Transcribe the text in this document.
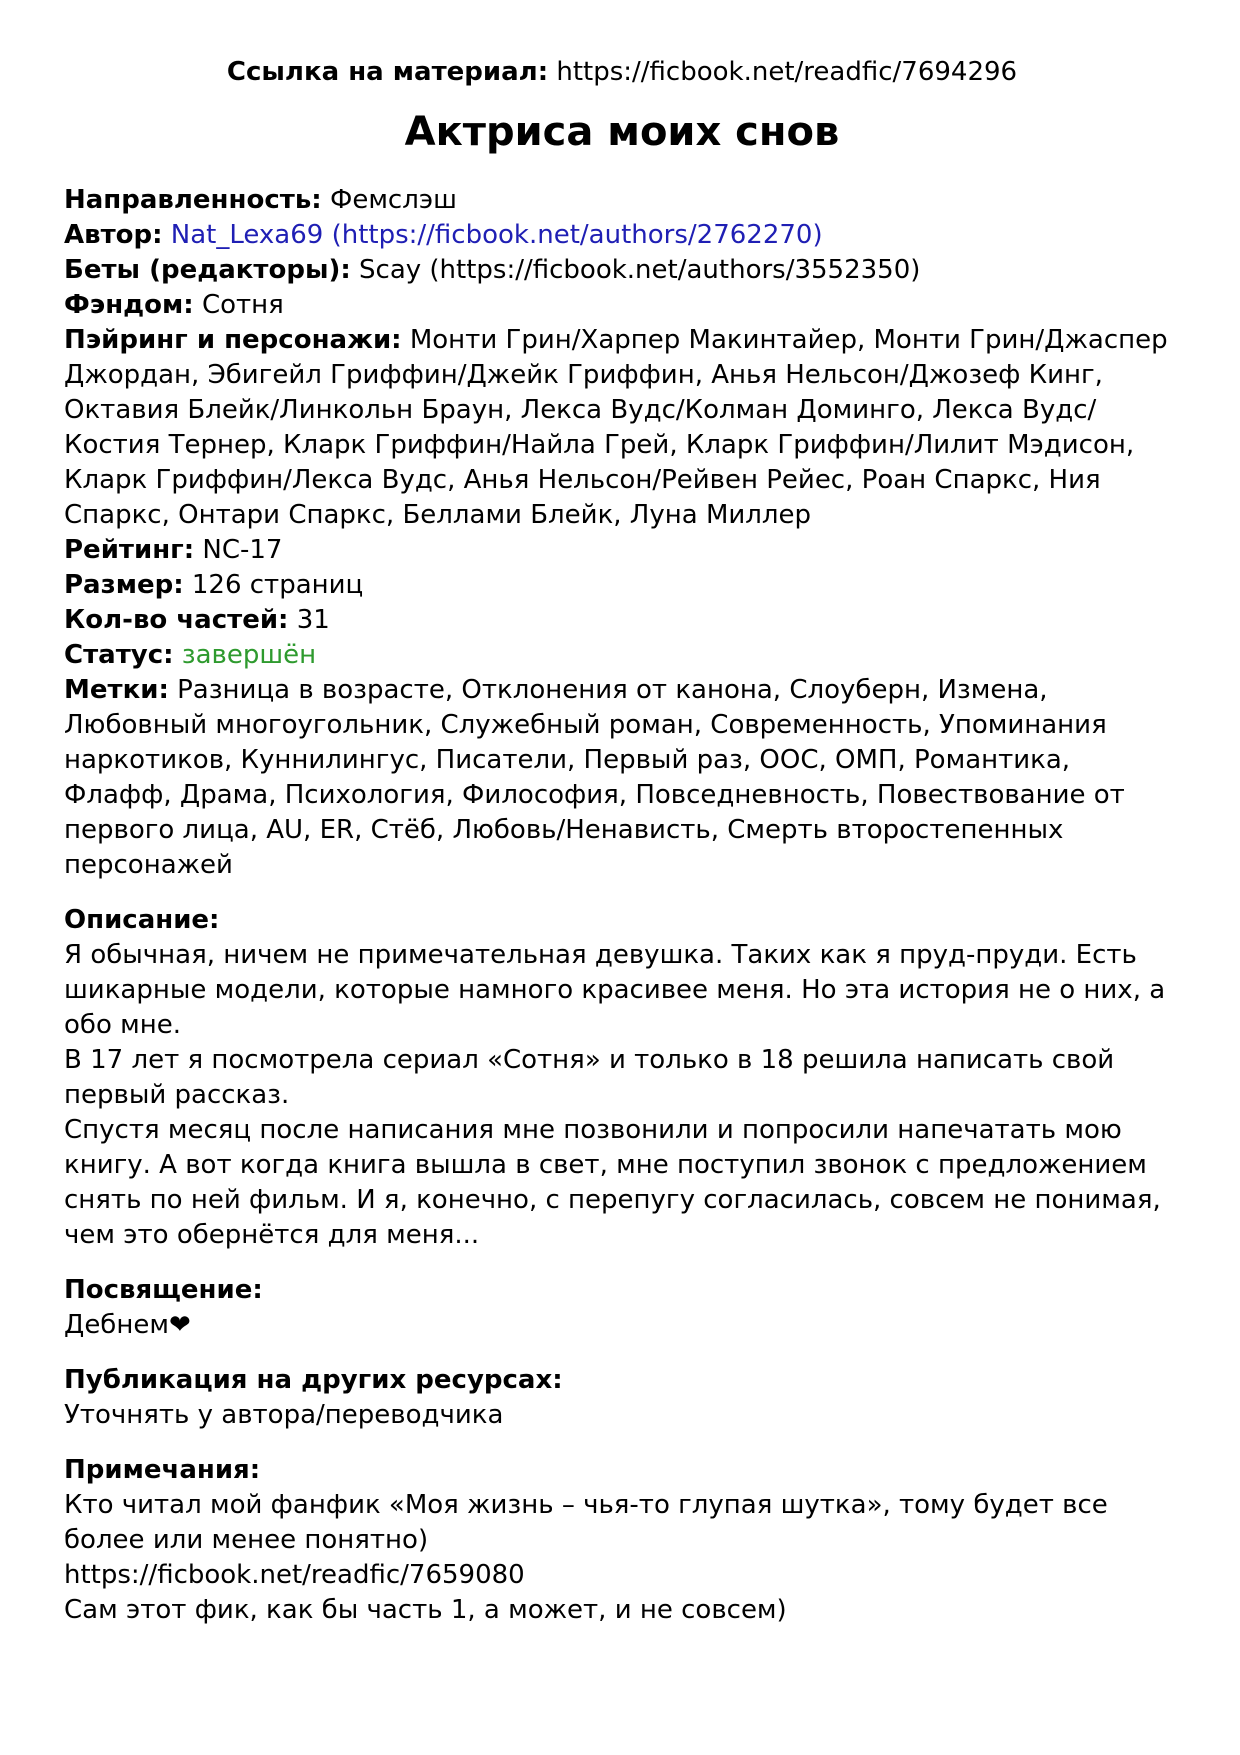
Ссылка на материал: https://ficbook.net/readfic/7694296

Актриса моих снов

Направленность: Фемслэш

Автор: Nat_Lexa69 (https://ficbook.net/authors/2762270)

Беты (редакторы): Scay (https://ficbook.net/authors/3552350)

Фэндом: Сотня

Пэйринг и персонажи: Монти Грин/Харпер Макинтайер, Монти Грин/Джаспер Джордан, Эбигейл Гриффин/Джейк Гриффин, Анья Нельсон/Джозеф Кинг, Октавия Блейк/Линкольн Браун, Лекса Вудс/Колман Доминго, Лекса Вудс/Костия Тернер, Кларк Гриффин/Найла Грей, Кларк Гриффин/Лилит Мэдисон, Кларк Гриффин/Лекса Вудс, Анья Нельсон/Рейвен Рейес, Роан Спаркс, Ния Спаркс, Онтари Спаркс, Беллами Блейк, Луна Миллер

Рейтинг: NC-17

Размер: 126 страниц

Кол-во частей: 31

Статус: завершён

Метки: Разница в возрасте, Отклонения от канона, Слоуберн, Измена, Любовный многоугольник, Служебный роман, Современность, Упоминания наркотиков, Куннилингус, Писатели, Первый раз, ООС, ОМП, Романтика, Флафф, Драма, Психология, Философия, Повседневность, Повествование от первого лица, AU, ER, Стёб, Любовь/Ненависть, Смерть второстепенных персонажей

Описание:

Я обычная, ничем не примечательная девушка. Таких как я пруд-пруди. Есть шикарные модели, которые намного красивее меня. Но эта история не о них, а обо мне.

В 17 лет я посмотрела сериал «Сотня» и только в 18 решила написать свой первый рассказ.

Спустя месяц после написания мне позвонили и попросили напечатать мою книгу. А вот когда книга вышла в свет, мне поступил звонок с предложением снять по ней фильм. И я, конечно, с перепугу согласилась, совсем не понимая, чем это обернётся для меня...

Посвящение:

Дебнем❤

Публикация на других ресурсах:

Уточнять у автора/переводчика

Примечания:

Кто читал мой фанфик «Моя жизнь – чья-то глупая шутка», тому будет все более или менее понятно)

https://ficbook.net/readfic/7659080

Сам этот фик, как бы часть 1, а может, и не совсем)
